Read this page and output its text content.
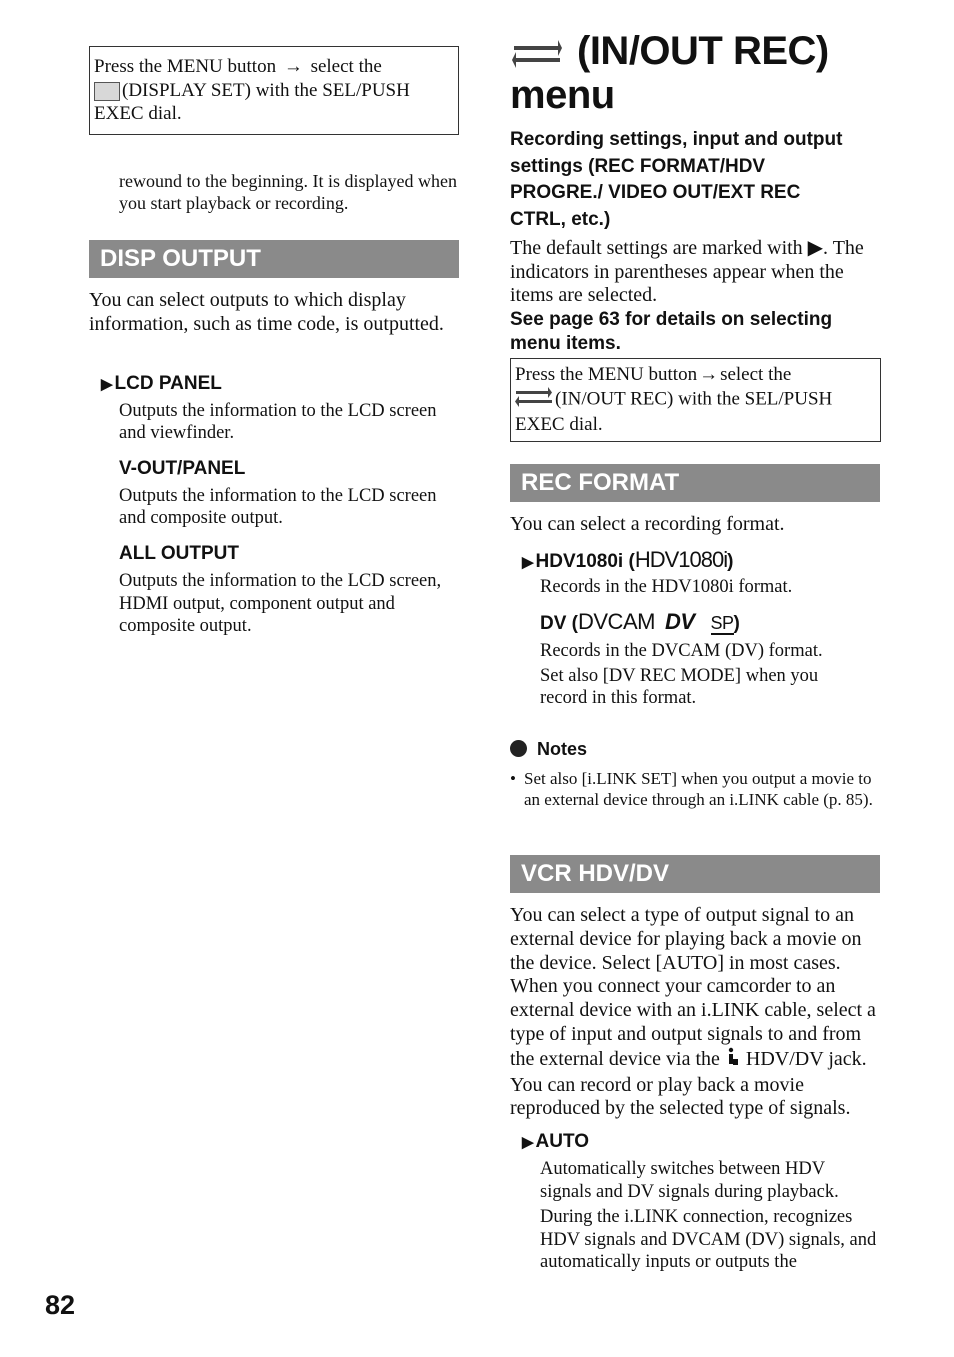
Press the MENU button → select the
(DISPLAY SET) with the SEL/PUSH
EXEC dial.
rewound to the beginning. It is displayed when you start playback or recording.
DISP OUTPUT
You can select outputs to which display information, such as time code, is outputted.
▶ LCD PANEL
Outputs the information to the LCD screen and viewfinder.
V-OUT/PANEL
Outputs the information to the LCD screen and composite output.
ALL OUTPUT
Outputs the information to the LCD screen, HDMI output, component output and composite output.
82
(IN/OUT REC)
menu
Recording settings, input and output settings (REC FORMAT/HDV PROGRE./ VIDEO OUT/EXT REC CTRL, etc.)
The default settings are marked with ▶. The indicators in parentheses appear when the items are selected.
See page 63 for details on selecting menu items.
Press the MENU button → select the
(IN/OUT REC) with the SEL/PUSH
EXEC dial.
REC FORMAT
You can select a recording format.
▶ HDV1080i (HDV1080i)
Records in the HDV1080i format.
DV (DVCAM DV SP)
Records in the DVCAM (DV) format.
Set also [DV REC MODE] when you record in this format.
Notes
• Set also [i.LINK SET] when you output a movie to an external device through an i.LINK cable (p. 85).
VCR HDV/DV
You can select a type of output signal to an external device for playing back a movie on the device. Select [AUTO] in most cases. When you connect your camcorder to an external device with an i.LINK cable, select a type of input and output signals to and from the external device via the HDV/DV jack. You can record or play back a movie reproduced by the selected type of signals.
▶ AUTO
Automatically switches between HDV signals and DV signals during playback.
During the i.LINK connection, recognizes HDV signals and DVCAM (DV) signals, and automatically inputs or outputs the
